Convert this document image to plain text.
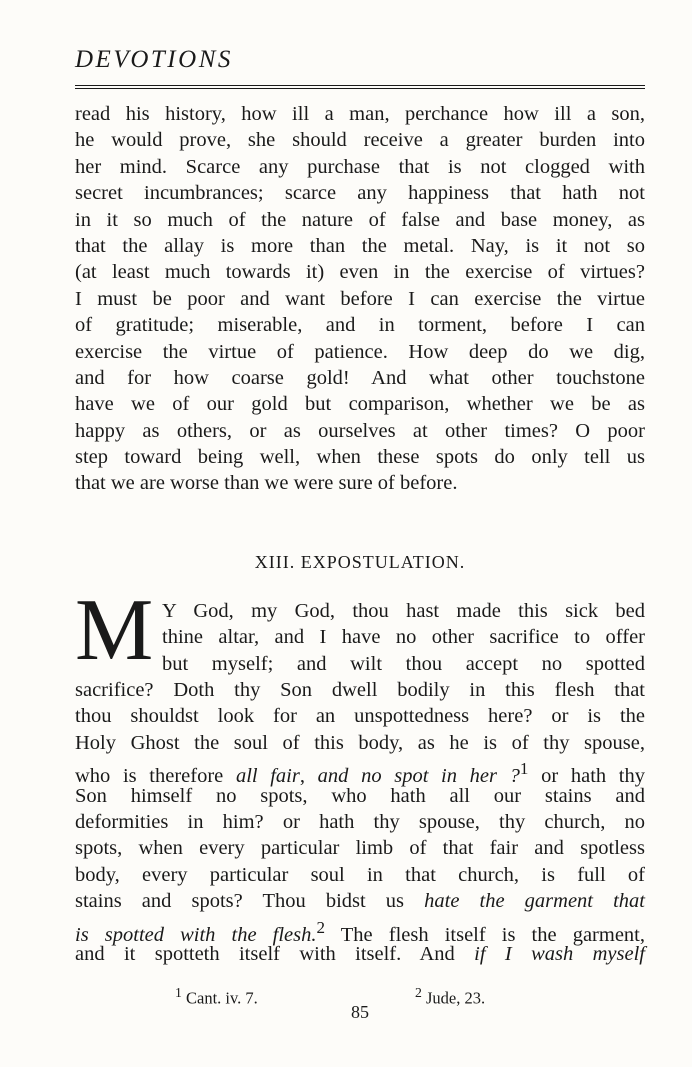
DEVOTIONS
read his history, how ill a man, perchance how ill a son,
he would prove, she should receive a greater burden into
her mind. Scarce any purchase that is not clogged with
secret incumbrances; scarce any happiness that hath not
in it so much of the nature of false and base money, as
that the allay is more than the metal. Nay, is it not so
(at least much towards it) even in the exercise of virtues?
I must be poor and want before I can exercise the virtue
of gratitude; miserable, and in torment, before I can
exercise the virtue of patience. How deep do we dig,
and for how coarse gold! And what other touchstone
have we of our gold but comparison, whether we be as
happy as others, or as ourselves at other times? O poor
step toward being well, when these spots do only tell us
that we are worse than we were sure of before.
XIII. EXPOSTULATION.
M Y God, my God, thou hast made this sick bed
thine altar, and I have no other sacrifice to offer
but myself; and wilt thou accept no spotted
sacrifice? Doth thy Son dwell bodily in this flesh that
thou shouldst look for an unspottedness here? or is the
Holy Ghost the soul of this body, as he is of thy spouse,
who is therefore all fair, and no spot in her ?$^1$ or hath thy
Son himself no spots, who hath all our stains and
deformities in him? or hath thy spouse, thy church, no
spots, when every particular limb of that fair and spotless
body, every particular soul in that church, is full of
stains and spots? Thou bidst us hate the garment that
is spotted with the flesh.$^2$ The flesh itself is the garment,
and it spotteth itself with itself. And if I wash myself
$^1$ Cant. iv. 7.	$^2$ Jude, 23.
85
